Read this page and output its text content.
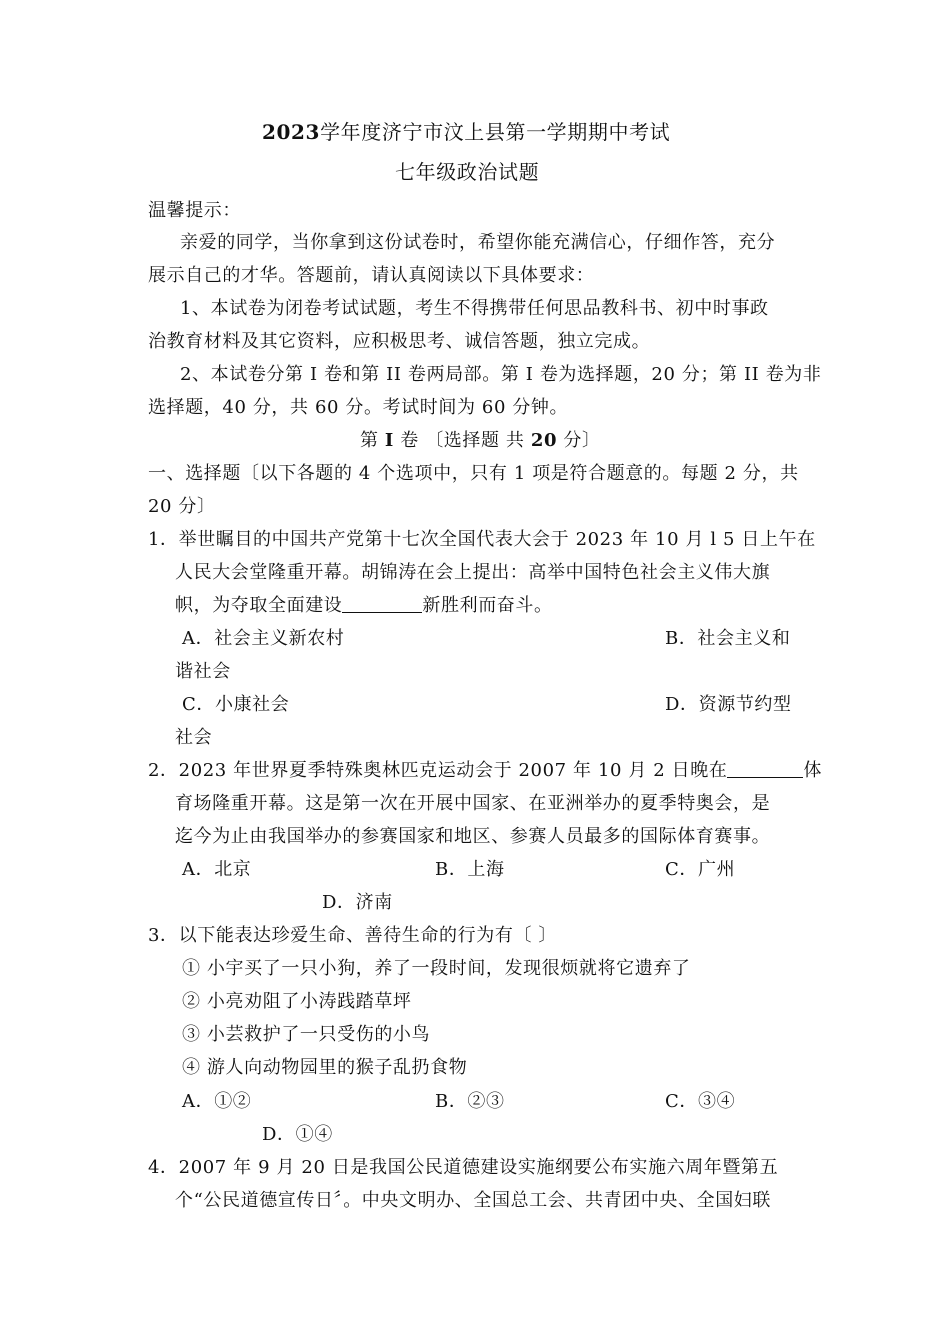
2023学年度济宁市汶上县第一学期期中考试
七年级政治试题
温馨提示：
亲爱的同学，当你拿到这份试卷时，希望你能充满信心，仔细作答，充分
展示自己的才华。答题前，请认真阅读以下具体要求：
1、本试卷为闭卷考试试题，考生不得携带任何思品教科书、初中时事政
治教育材料及其它资料，应积极思考、诚信答题，独立完成。
2、本试卷分第 I 卷和第 II 卷两局部。第 I 卷为选择题，20 分；第 II 卷为非
选择题，40 分，共 60 分。考试时间为 60 分钟。
第 I 卷 〔选择题 共 20 分〕
一、选择题〔以下各题的 4 个选项中，只有 1 项是符合题意的。每题 2 分，共
20 分〕
1．举世瞩目的中国共产党第十七次全国代表大会于 2023 年 10 月 l 5 日上午在
人民大会堂隆重开幕。胡锦涛在会上提出：高举中国特色社会主义伟大旗
帜，为夺取全面建设	新胜利而奋斗。
A．社会主义新农村	B．社会主义和
谐社会
C．小康社会	D．资源节约型
社会
2．2023 年世界夏季特殊奥林匹克运动会于 2007 年 10 月 2 日晚在	体
育场隆重开幕。这是第一次在开展中国家、在亚洲举办的夏季特奥会，是
迄今为止由我国举办的参赛国家和地区、参赛人员最多的国际体育赛事。
A．北京	B．上海	C．广州
D．济南
3．以下能表达珍爱生命、善待生命的行为有〔 〕
① 小宇买了一只小狗，养了一段时间，发现很烦就将它遗弃了
② 小亮劝阻了小涛践踏草坪
③ 小芸救护了一只受伤的小鸟
④ 游人向动物园里的猴子乱扔食物
A．①②	B．②③	C．③④
D．①④
4．2007 年 9 月 20 日是我国公民道德建设实施纲要公布实施六周年暨第五
个“公民道德宣传日〞。中央文明办、全国总工会、共青团中央、全国妇联
